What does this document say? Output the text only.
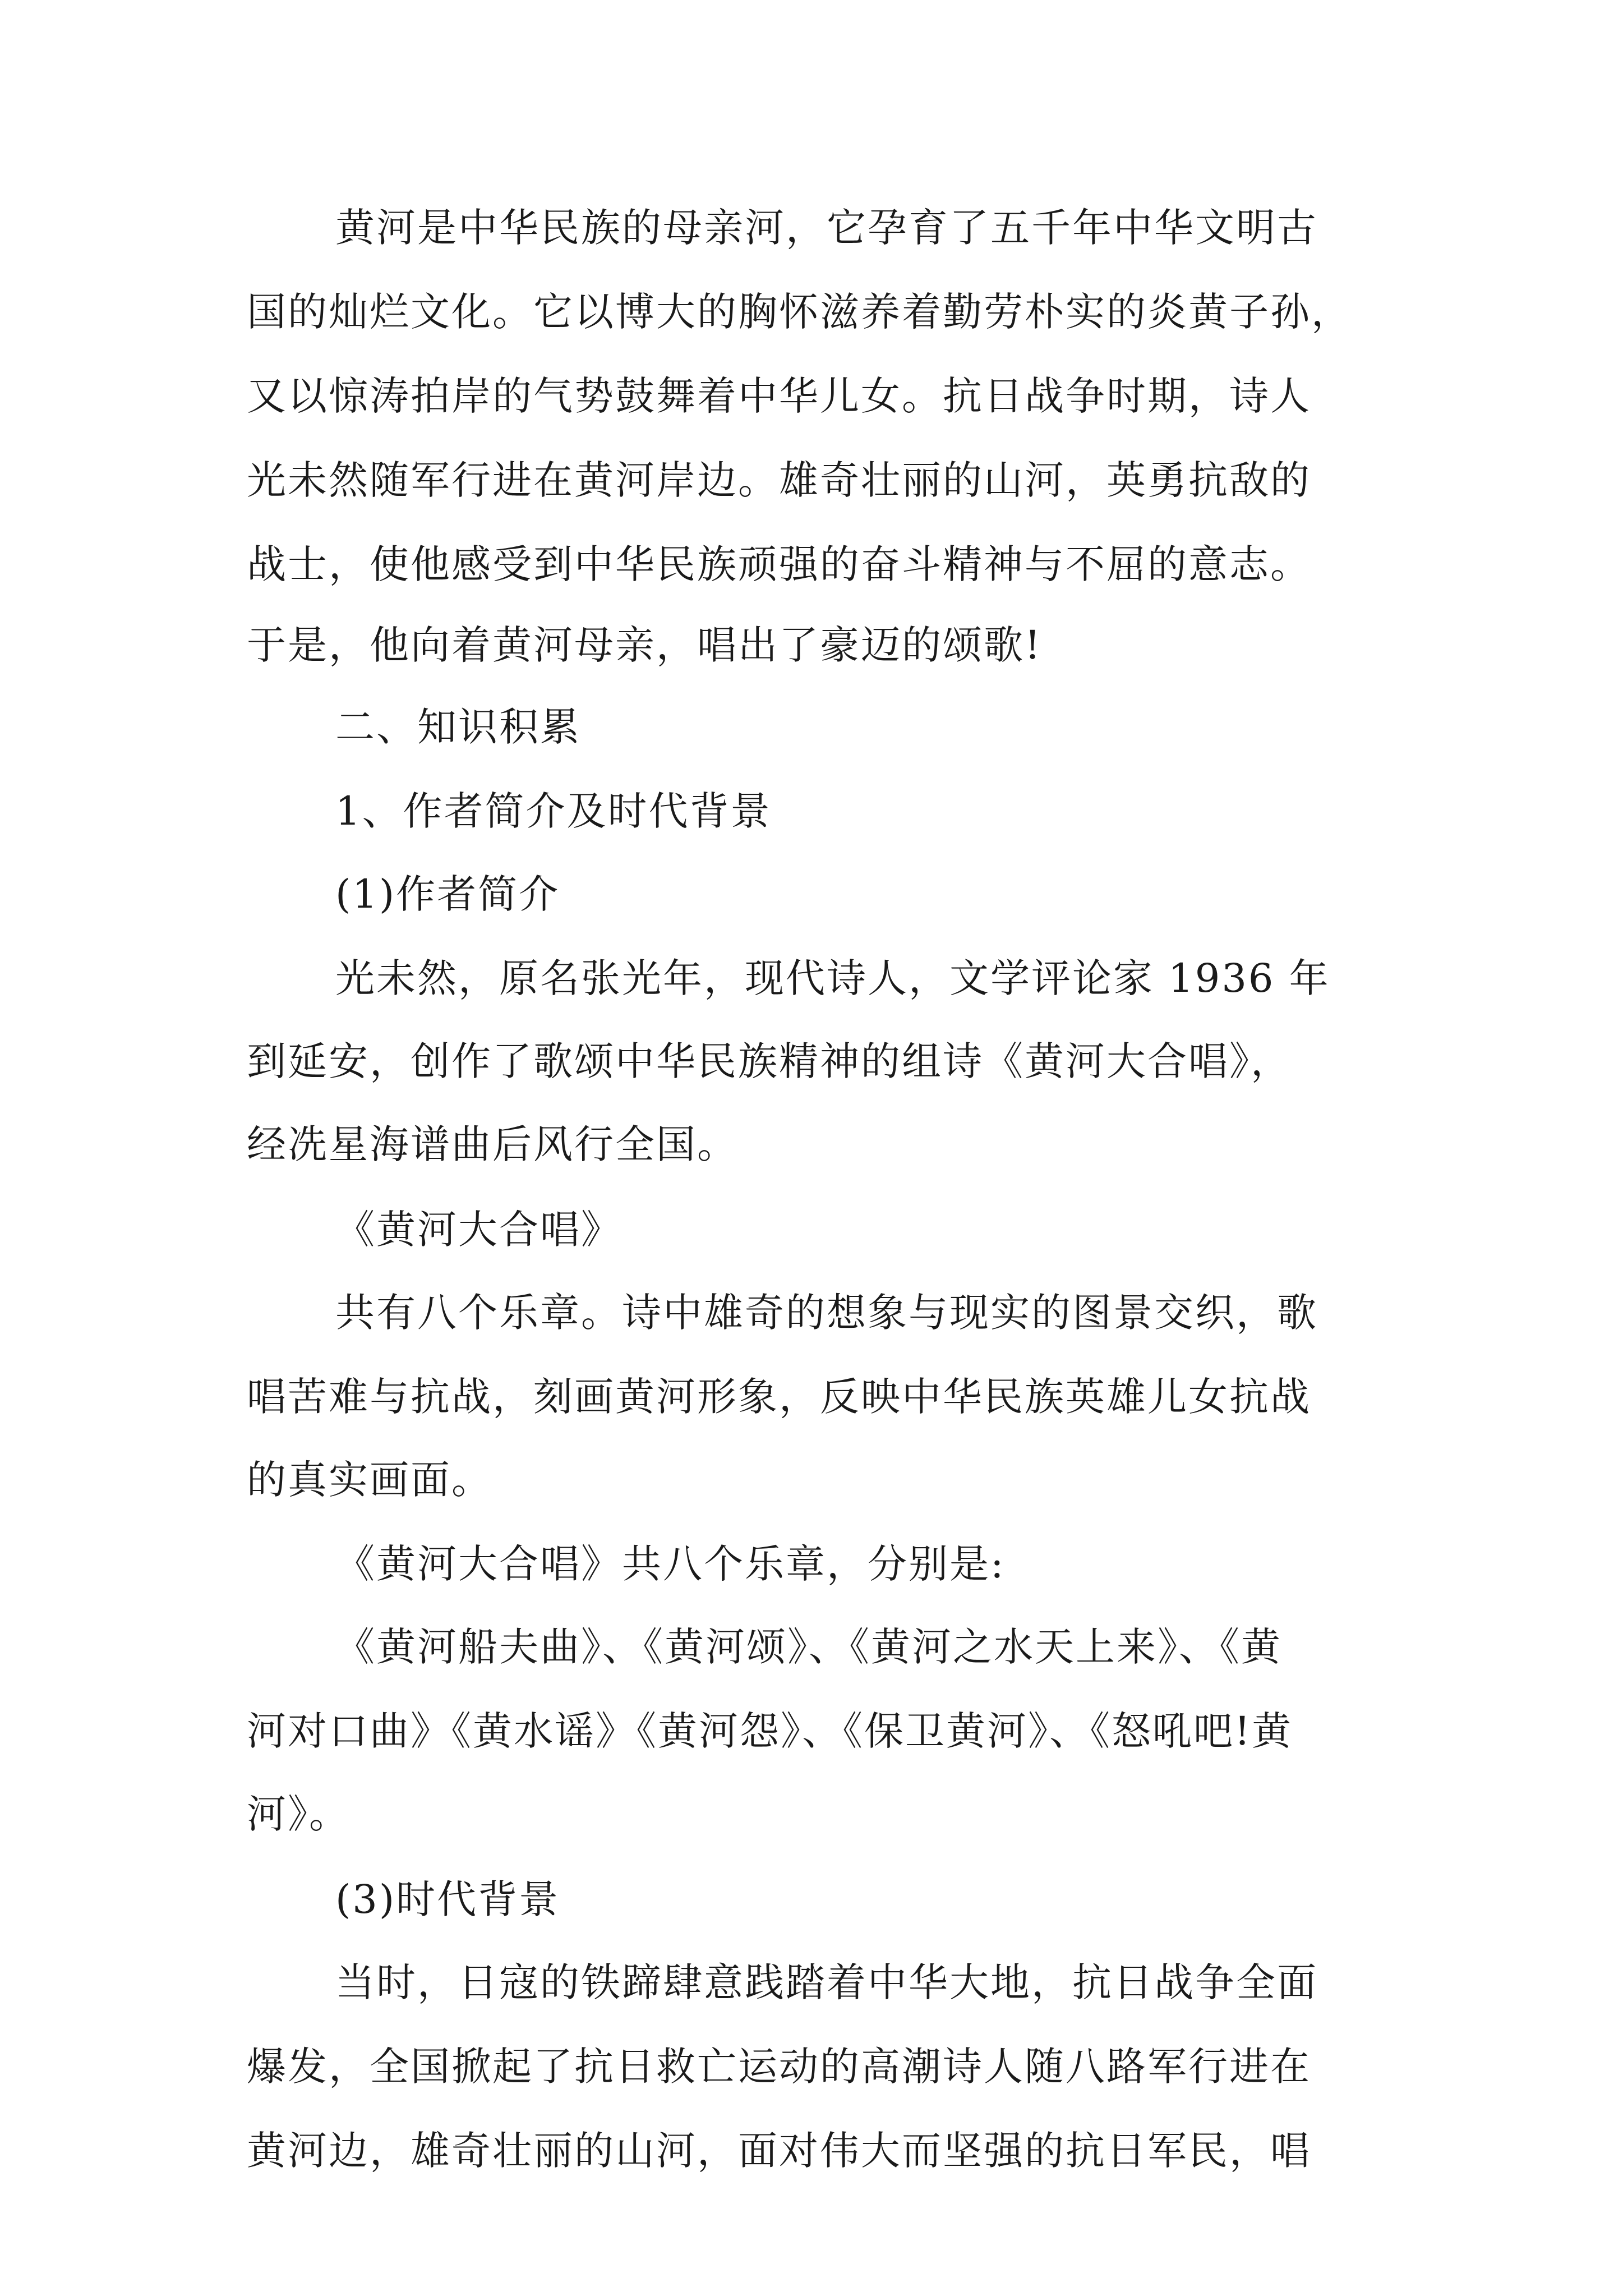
黄河是中华民族的母亲河，它孕育了五千年中华文明古
国的灿烂文化。它以博大的胸怀滋养着勤劳朴实的炎黄子孙，
又以惊涛拍岸的气势鼓舞着中华儿女。抗日战争时期，诗人
光未然随军行进在黄河岸边。雄奇壮丽的山河，英勇抗敌的
战士，使他感受到中华民族顽强的奋斗精神与不屈的意志。
于是，他向着黄河母亲，唱出了豪迈的颂歌!
二、知识积累
1、作者简介及时代背景
(1)作者简介
光未然，原名张光年，现代诗人，文学评论家 1936 年
到延安，创作了歌颂中华民族精神的组诗《黄河大合唱》，
经冼星海谱曲后风行全国。
《黄河大合唱》
共有八个乐章。诗中雄奇的想象与现实的图景交织，歌
唱苦难与抗战，刻画黄河形象，反映中华民族英雄儿女抗战
的真实画面。
《黄河大合唱》共八个乐章，分别是:
《黄河船夫曲》、《黄河颂》、《黄河之水天上来》、《黄
河对口曲》《黄水谣》《黄河怨》、《保卫黄河》、《怒吼吧!黄
河》。
(3)时代背景
当时，日寇的铁蹄肆意践踏着中华大地，抗日战争全面
爆发，全国掀起了抗日救亡运动的高潮诗人随八路军行进在
黄河边，雄奇壮丽的山河，面对伟大而坚强的抗日军民，唱
